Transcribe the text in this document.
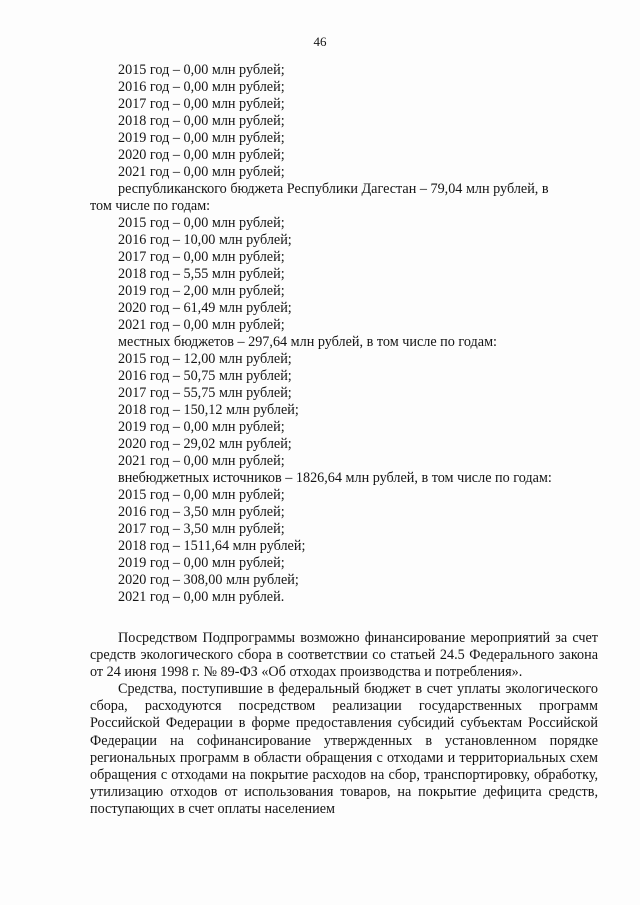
46
2015 год – 0,00 млн рублей;
2016 год – 0,00 млн рублей;
2017 год – 0,00 млн рублей;
2018 год – 0,00 млн рублей;
2019 год – 0,00 млн рублей;
2020 год – 0,00 млн рублей;
2021 год – 0,00 млн рублей;
республиканского бюджета Республики Дагестан – 79,04 млн рублей, в
том числе по годам:
2015 год – 0,00 млн рублей;
2016 год – 10,00 млн рублей;
2017 год – 0,00 млн рублей;
2018 год – 5,55 млн рублей;
2019 год – 2,00 млн рублей;
2020 год – 61,49 млн рублей;
2021 год – 0,00 млн рублей;
местных бюджетов – 297,64 млн рублей, в том числе по годам:
2015 год – 12,00 млн рублей;
2016 год – 50,75 млн рублей;
2017 год – 55,75 млн рублей;
2018 год – 150,12 млн рублей;
2019 год – 0,00 млн рублей;
2020 год – 29,02 млн рублей;
2021 год – 0,00 млн рублей;
внебюджетных источников – 1826,64 млн рублей, в том числе по годам:
2015 год – 0,00 млн рублей;
2016 год – 3,50 млн рублей;
2017 год – 3,50 млн рублей;
2018 год – 1511,64 млн рублей;
2019 год – 0,00 млн рублей;
2020 год – 308,00 млн рублей;
2021 год – 0,00 млн рублей.
Посредством Подпрограммы возможно финансирование мероприятий за счет средств экологического сбора в соответствии со статьей 24.5 Федерального закона от 24 июня 1998 г. № 89-ФЗ «Об отходах производства и потребления».
Средства, поступившие в федеральный бюджет в счет уплаты экологического сбора, расходуются посредством реализации государственных программ Российской Федерации в форме предоставления субсидий субъектам Российской Федерации на софинансирование утвержденных в установленном порядке региональных программ в области обращения с отходами и территориальных схем обращения с отходами на покрытие расходов на сбор, транспортировку, обработку, утилизацию отходов от использования товаров, на покрытие дефицита средств, поступающих в счет оплаты населением
